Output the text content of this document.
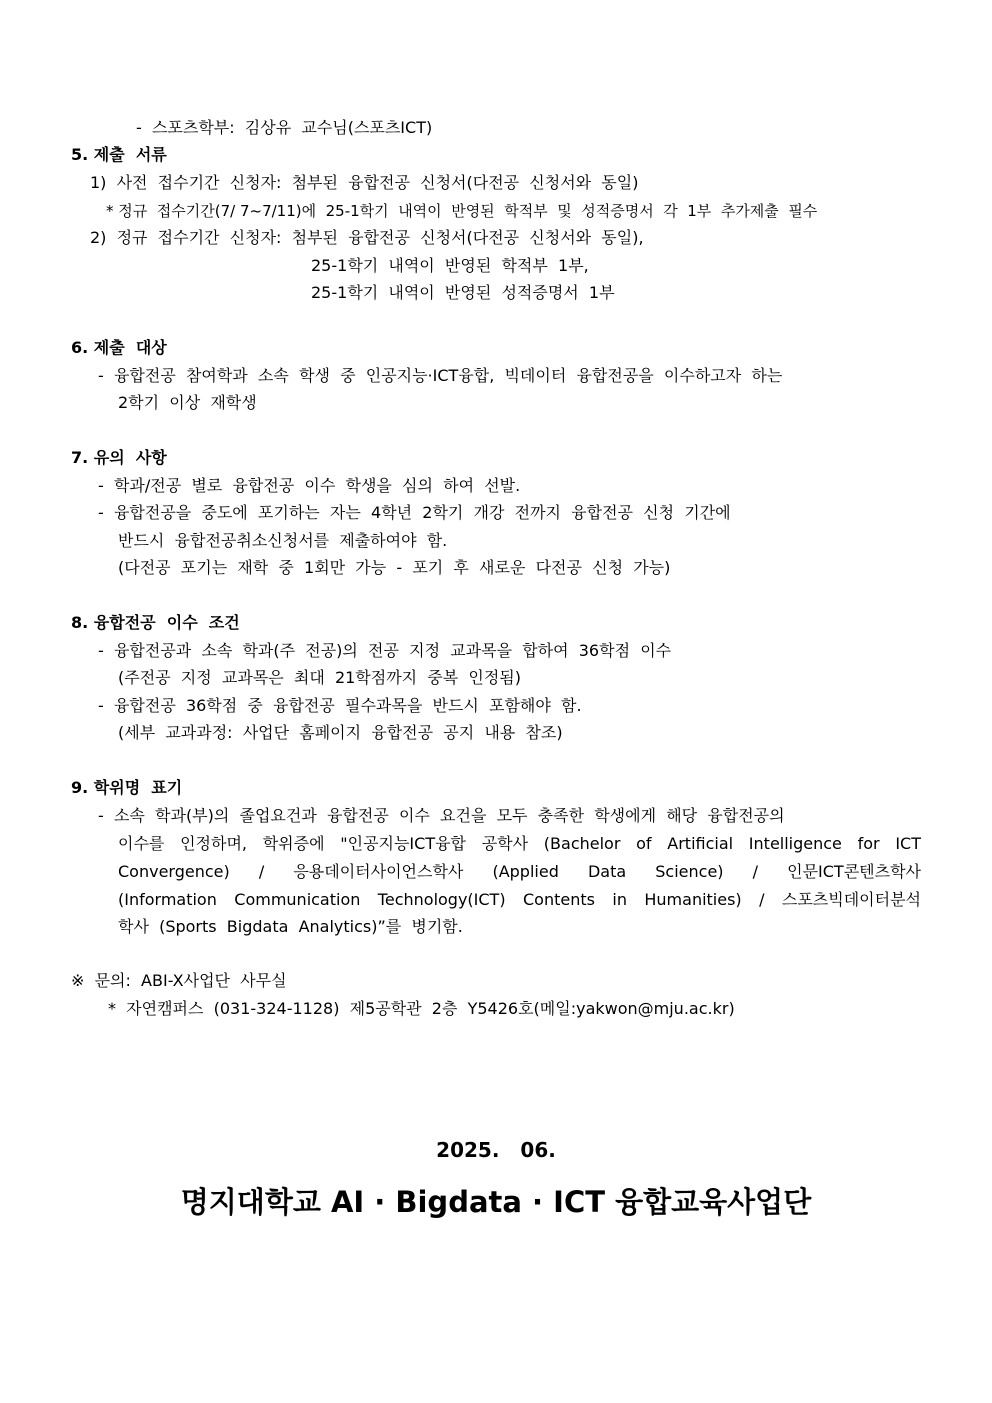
-  스포츠학부:  김상유  교수님(스포츠ICT)

5. 제출  서류

1)  사전  접수기간  신청자:  첨부된  융합전공  신청서(다전공  신청서와  동일)

* 정규  접수기간(7/ 7~7/11)에  25-1학기  내역이  반영된  학적부  및  성적증명서  각  1부  추가제출  필수

2)  정규  접수기간  신청자:  첨부된  융합전공  신청서(다전공  신청서와  동일),

25-1학기  내역이  반영된  학적부  1부,

25-1학기  내역이  반영된  성적증명서  1부

6. 제출  대상

-  융합전공  참여학과  소속  학생  중  인공지능·ICT융합,  빅데이터  융합전공을  이수하고자  하는

2학기  이상  재학생

7. 유의  사항

-  학과/전공  별로  융합전공  이수  학생을  심의  하여  선발.

-  융합전공을  중도에  포기하는  자는  4학년  2학기  개강  전까지  융합전공  신청  기간에

반드시  융합전공취소신청서를  제출하여야  함.

(다전공  포기는  재학  중  1회만  가능  -  포기  후  새로운  다전공  신청  가능)

8. 융합전공  이수  조건

-  융합전공과  소속  학과(주  전공)의  전공  지정  교과목을  합하여  36학점  이수

(주전공  지정  교과목은  최대  21학점까지  중복  인정됨)

-  융합전공  36학점  중  융합전공  필수과목을  반드시  포함해야  함.

(세부  교과과정:  사업단  홈페이지  융합전공  공지  내용  참조)

9. 학위명  표기

-  소속  학과(부)의  졸업요건과  융합전공  이수  요건을  모두  충족한  학생에게  해당  융합전공의

이수를 인정하며, 학위증에 "인공지능ICT융합 공학사 (Bachelor of Artificial Intelligence for ICT

Convergence) / 응용데이터사이언스학사 (Applied Data Science) / 인문ICT콘텐츠학사

(Information Communication Technology(ICT) Contents in Humanities) / 스포츠빅데이터분석

학사  (Sports  Bigdata  Analytics)”를  병기함.

※  문의:  ABI-X사업단  사무실

*  자연캠퍼스  (031-324-1128)  제5공학관  2층  Y5426호(메일:yakwon@mju.ac.kr)

2025. 06.

명지대학교 AI · Bigdata · ICT 융합교육사업단
